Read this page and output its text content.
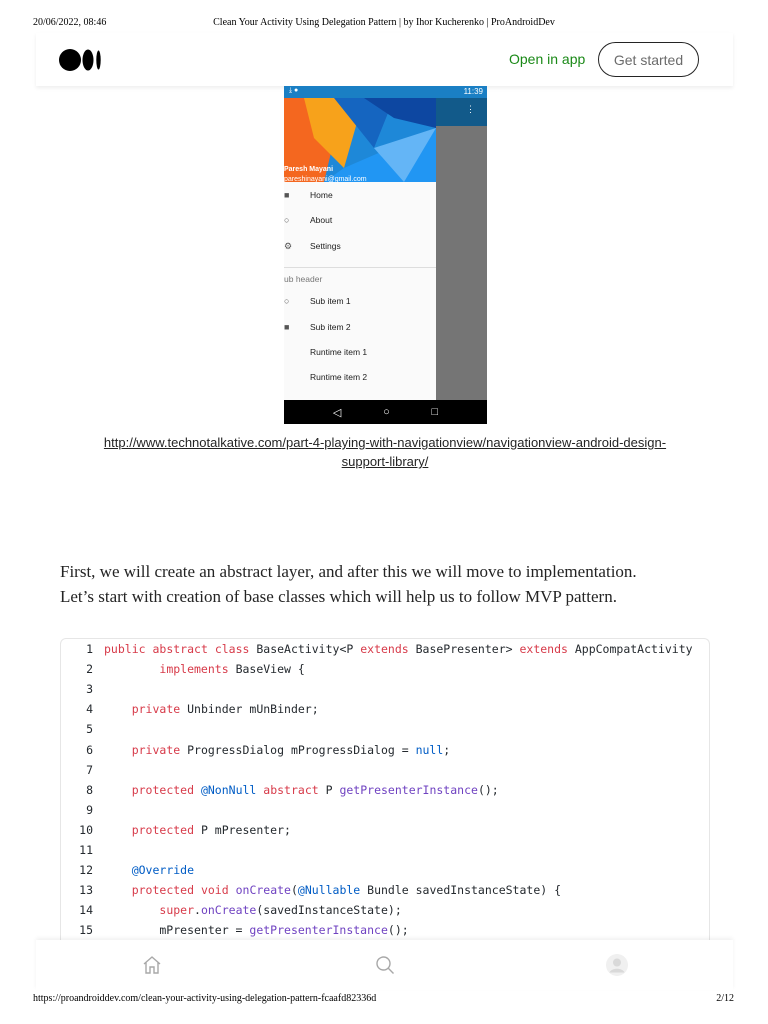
20/06/2022, 08:46	Clean Your Activity Using Delegation Pattern | by Ihor Kucherenko | ProAndroidDev
Open in app	Get started
⤓ ●	11:39
⋮
Paresh Mayani
pareshinayani@gmail.com
■	Home
○	About
⚙ Settings
ub header
○	Sub item 1
■	Sub item 2
Runtime item 1
Runtime item 2
◁	○	□
http://www.technotalkative.com/part-4-playing-with-navigationview/navigationview-android-design-
support-library/

First, we will create an abstract layer, and after this we will move to implementation.
Let’s start with creation of base classes which will help us to follow MVP pattern.

1 public abstract class BaseActivity<P extends BasePresenter> extends AppCompatActivity
2	implements BaseView {
3
4	private Unbinder mUnBinder;
5
6	private ProgressDialog mProgressDialog = null;
7
8	protected @NonNull abstract P getPresenterInstance();
9
10	protected P mPresenter;
11
12	@Override
13	protected void onCreate(@Nullable Bundle savedInstanceState) {
14	super.onCreate(savedInstanceState);
15 mPresenter = getPresenterInstance();
https://proandroiddev.com/clean-your-activity-using-delegation-pattern-fcaafd82336d	2/12
